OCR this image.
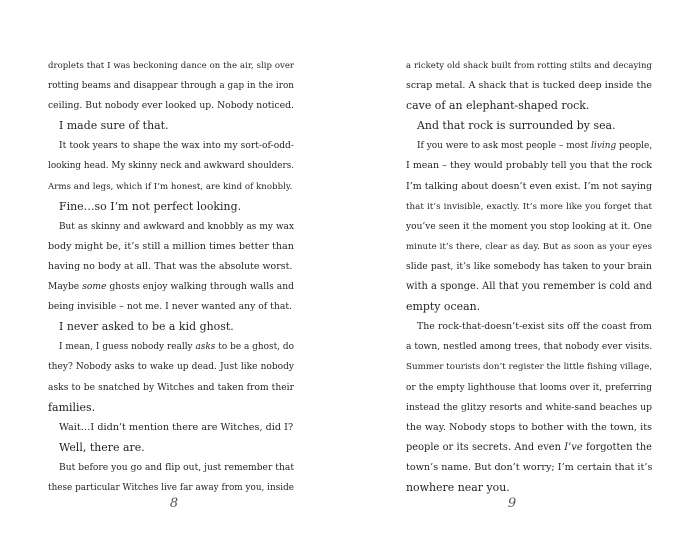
droplets that I was beckoning dance on the air, slip over
rotting beams and disappear through a gap in the iron
ceiling. But nobody ever looked up. Nobody noticed.
I made sure of that.
It took years to shape the wax into my sort-of-odd-
looking head. My skinny neck and awkward shoulders.
Arms and legs, which if I’m honest, are kind of knobbly.
Fine…so I’m not perfect looking.
But as skinny and awkward and knobbly as my wax
body might be, it’s still a million times better than
having no body at all. That was the absolute worst.
Maybe some ghosts enjoy walking through walls and
being invisible – not me. I never wanted any of that.
I never asked to be a kid ghost.
I mean, I guess nobody really asks to be a ghost, do
they? Nobody asks to wake up dead. Just like nobody
asks to be snatched by Witches and taken from their
families.
Wait…I didn’t mention there are Witches, did I?
Well, there are.
But before you go and flip out, just remember that
these particular Witches live far away from you, inside
8
a rickety old shack built from rotting stilts and decaying
scrap metal. A shack that is tucked deep inside the
cave of an elephant-shaped rock.
And that rock is surrounded by sea.
If you were to ask most people – most living people,
I mean – they would probably tell you that the rock
I’m talking about doesn’t even exist. I’m not saying
that it’s invisible, exactly. It’s more like you forget that
you’ve seen it the moment you stop looking at it. One
minute it’s there, clear as day. But as soon as your eyes
slide past, it’s like somebody has taken to your brain
with a sponge. All that you remember is cold and
empty ocean.
The rock-that-doesn’t-exist sits off the coast from
a town, nestled among trees, that nobody ever visits.
Summer tourists don’t register the little fishing village,
or the empty lighthouse that looms over it, preferring
instead the glitzy resorts and white-sand beaches up
the way. Nobody stops to bother with the town, its
people or its secrets. And even I’ve forgotten the
town’s name. But don’t worry; I’m certain that it’s
nowhere near you.
9
